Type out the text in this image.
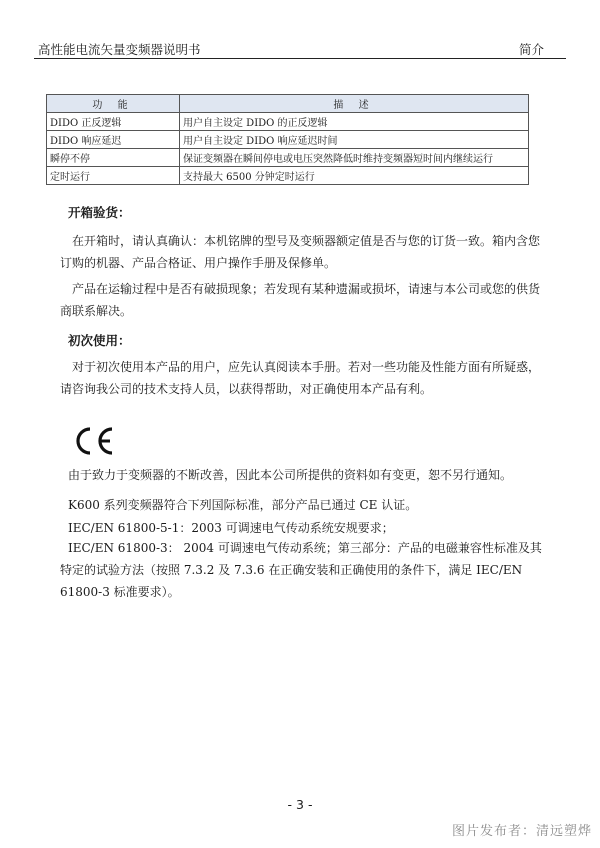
高性能电流矢量变频器说明书	简介
功 能	描 述
DIDO 正反逻辑	用户自主设定 DIDO 的正反逻辑
DIDO 响应延迟	用户自主设定 DIDO 响应延迟时间
瞬停不停	保证变频器在瞬间停电或电压突然降低时维持变频器短时间内继续运行
定时运行	支持最大 6500 分钟定时运行
开箱验货：
在开箱时，请认真确认：本机铭牌的型号及变频器额定值是否与您的订货一致。箱内含您订购的机器、产品合格证、用户操作手册及保修单。
产品在运输过程中是否有破损现象；若发现有某种遗漏或损坏，请速与本公司或您的供货商联系解决。
初次使用：
对于初次使用本产品的用户，应先认真阅读本手册。若对一些功能及性能方面有所疑惑，请咨询我公司的技术支持人员，以获得帮助，对正确使用本产品有利。
由于致力于变频器的不断改善，因此本公司所提供的资料如有变更，恕不另行通知。
K600 系列变频器符合下列国际标准，部分产品已通过 CE 认证。
IEC/EN 61800-5-1：2003 可调速电气传动系统安规要求；
IEC/EN 61800-3： 2004 可调速电气传动系统；第三部分：产品的电磁兼容性标准及其特定的试验方法（按照 7.3.2 及 7.3.6 在正确安装和正确使用的条件下，满足 IEC/EN 61800-3 标准要求）。
- 3 -
图片发布者：清远塑烨
